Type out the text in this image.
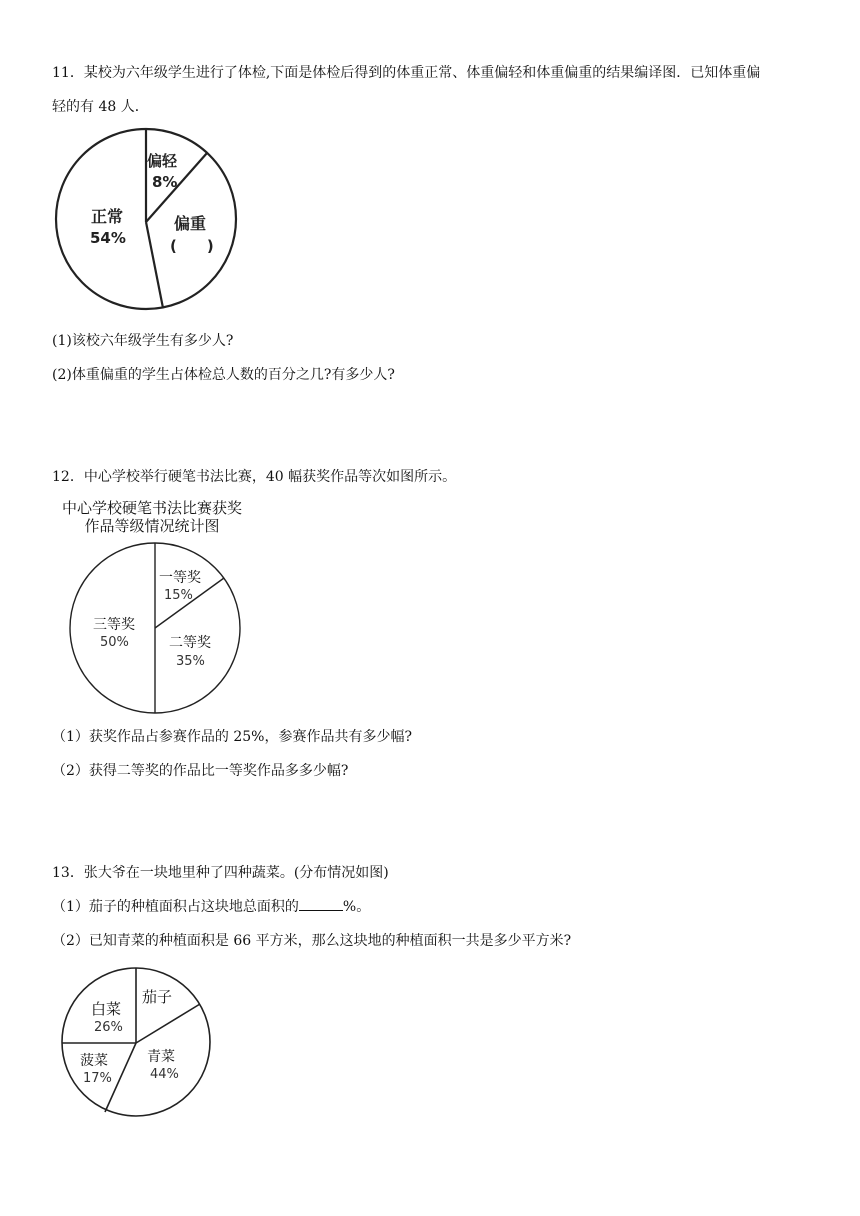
11．某校为六年级学生进行了体检,下面是体检后得到的体重正常、体重偏轻和体重偏重的结果编译图．已知体重偏
轻的有 48 人．
偏轻
8%
偏重
(　　)
正常
54%
(1)该校六年级学生有多少人?
(2)体重偏重的学生占体检总人数的百分之几?有多少人?
12．中心学校举行硬笔书法比赛，40 幅获奖作品等次如图所示。
中心学校硬笔书法比赛获奖
作品等级情况统计图
一等奖
15%
二等奖
35%
三等奖
50%
（1）获奖作品占参赛作品的 25%，参赛作品共有多少幅?
（2）获得二等奖的作品比一等奖作品多多少幅?
13．张大爷在一块地里种了四种蔬菜。(分布情况如图)
（1）茄子的种植面积占这块地总面积的	%。
（2）已知青菜的种植面积是 66 平方米，那么这块地的种植面积一共是多少平方米?
茄子
青菜
44%
菠菜
17%
白菜
26%
